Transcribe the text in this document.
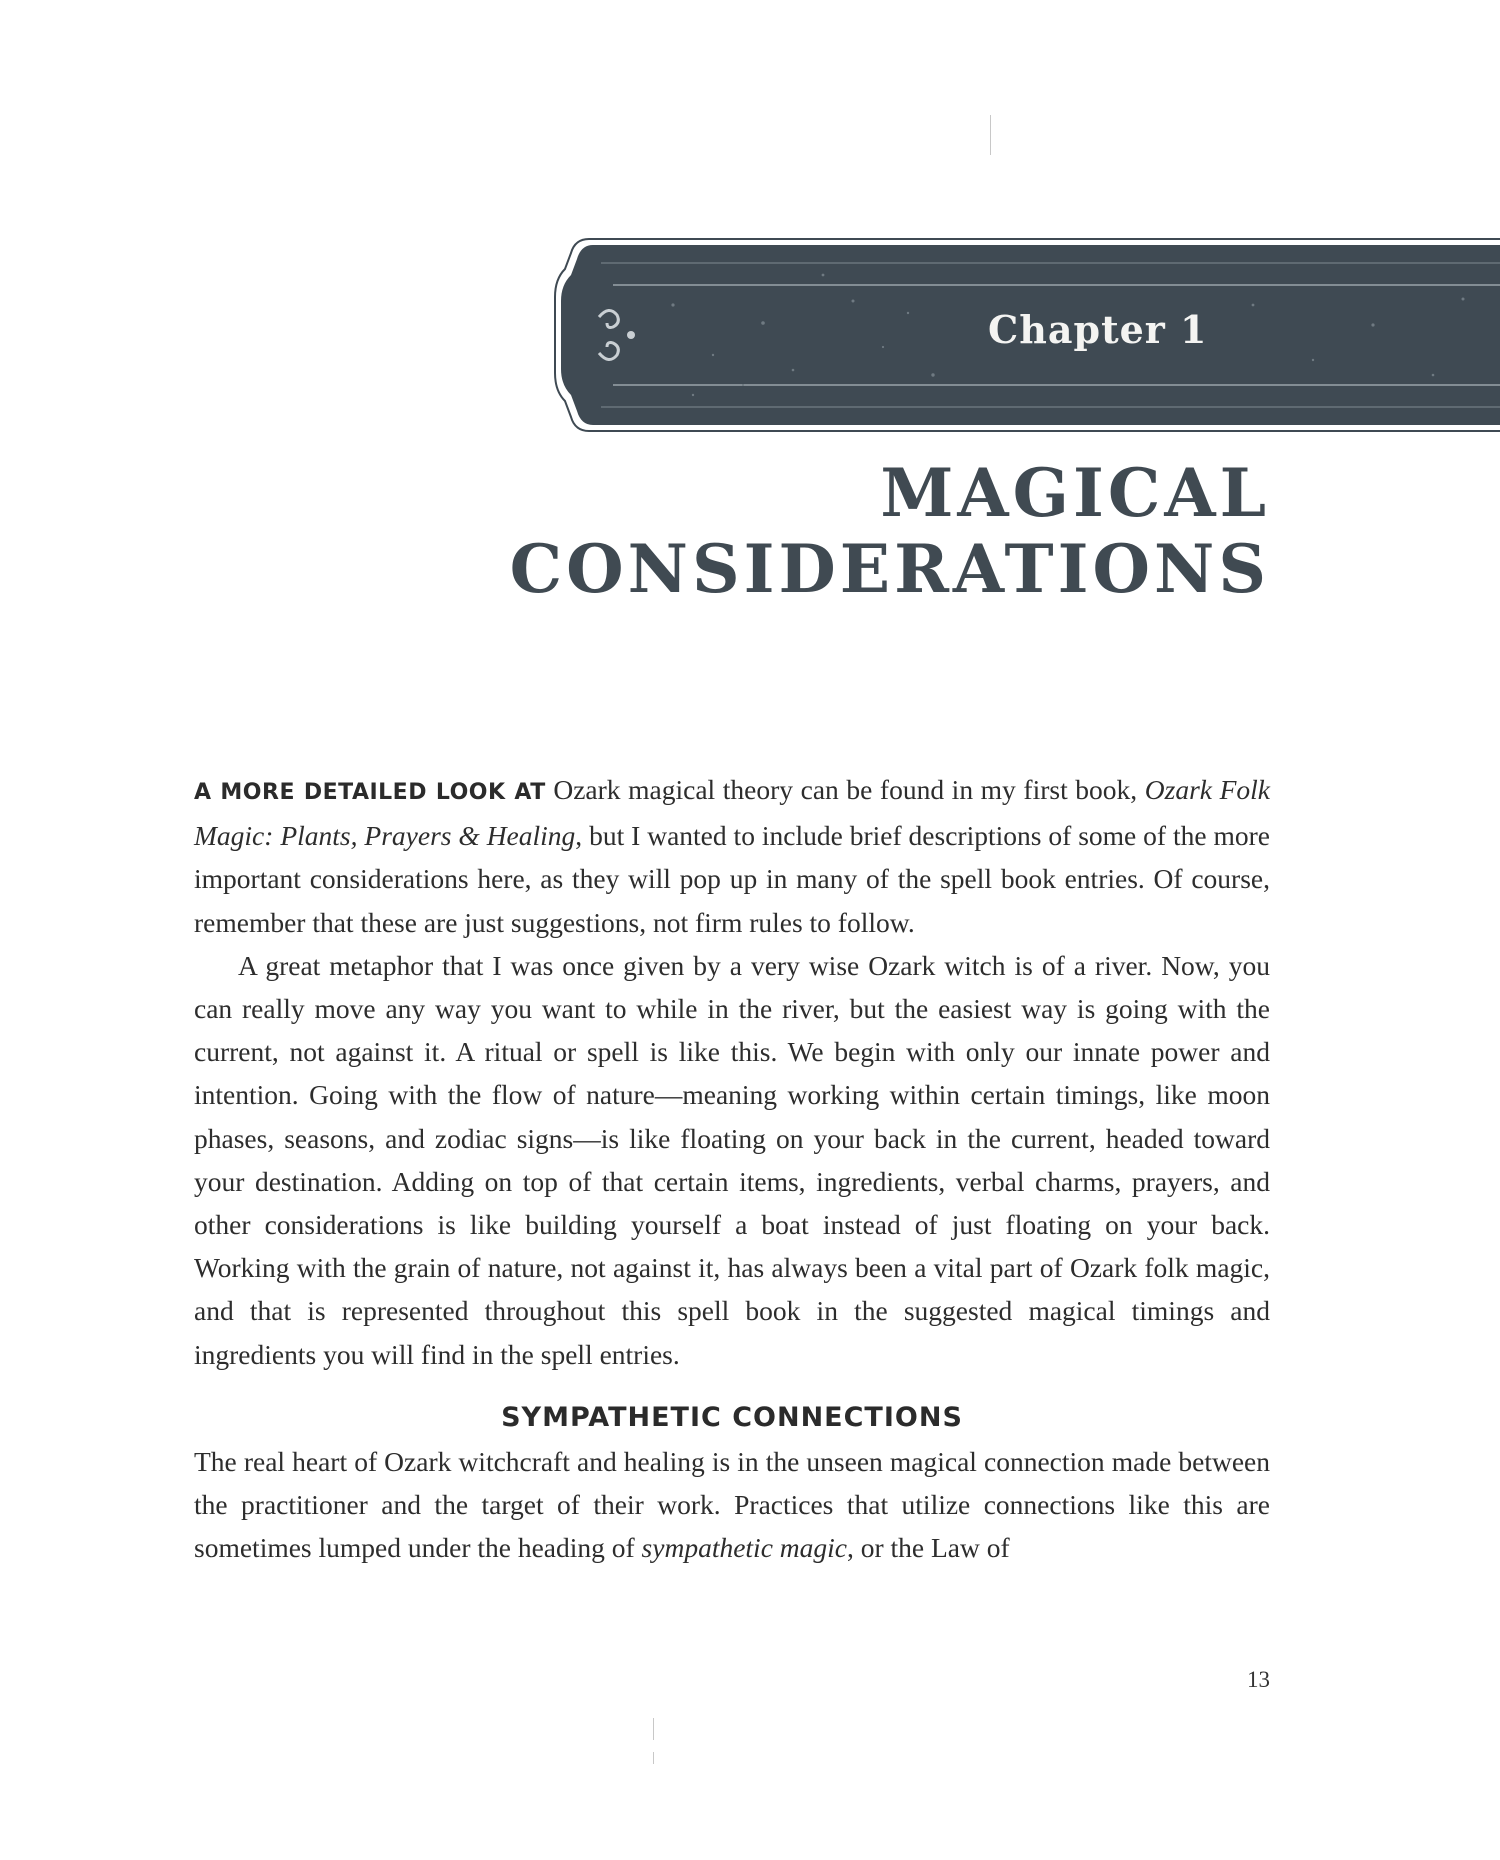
Chapter 1
MAGICAL
CONSIDERATIONS

A MORE DETAILED LOOK AT Ozark magical theory can be found in my first book, Ozark Folk Magic: Plants, Prayers & Healing, but I wanted to include brief descriptions of some of the more important considerations here, as they will pop up in many of the spell book entries. Of course, remember that these are just suggestions, not firm rules to follow.

A great metaphor that I was once given by a very wise Ozark witch is of a river. Now, you can really move any way you want to while in the river, but the easiest way is going with the current, not against it. A ritual or spell is like this. We begin with only our innate power and intention. Going with the flow of nature—meaning working within certain timings, like moon phases, seasons, and zodiac signs—is like floating on your back in the current, headed toward your destination. Adding on top of that certain items, ingredients, verbal charms, prayers, and other considerations is like building yourself a boat instead of just floating on your back. Working with the grain of nature, not against it, has always been a vital part of Ozark folk magic, and that is represented throughout this spell book in the suggested magical timings and ingredients you will find in the spell entries.

SYMPATHETIC CONNECTIONS

The real heart of Ozark witchcraft and healing is in the unseen magical connection made between the practitioner and the target of their work. Practices that utilize connections like this are sometimes lumped under the heading of sympathetic magic, or the Law of

13
